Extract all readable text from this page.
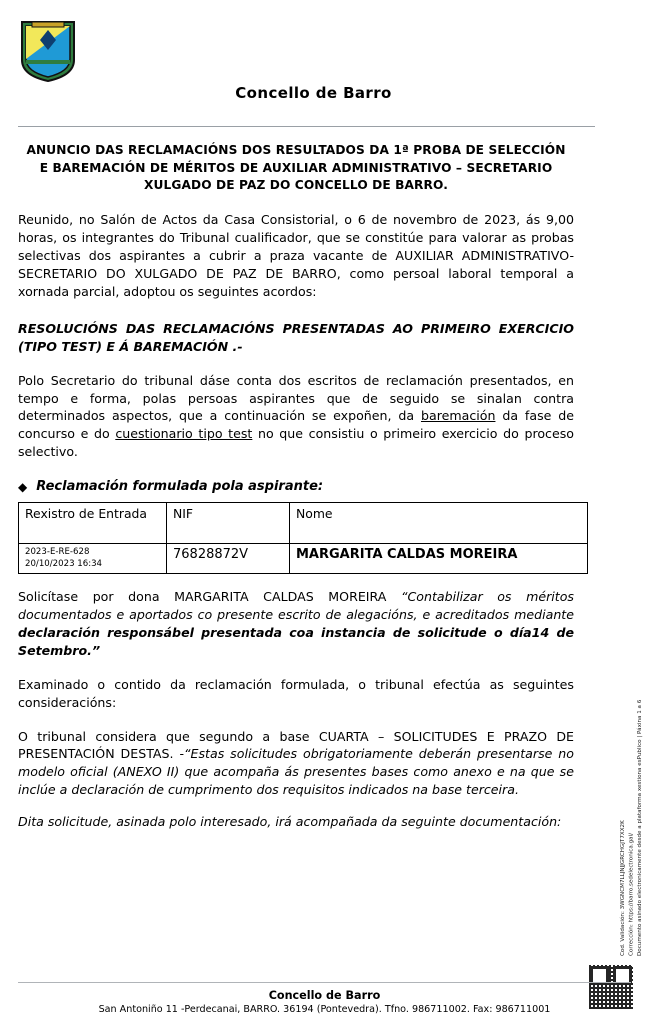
Concello de Barro
ANUNCIO DAS RECLAMACIÓNS DOS RESULTADOS DA 1ª PROBA DE SELECCIÓN E BAREMACIÓN DE MÉRITOS DE AUXILIAR ADMINISTRATIVO – SECRETARIO XULGADO DE PAZ DO CONCELLO DE BARRO.

Reunido, no Salón de Actos da Casa Consistorial, o 6 de novembro de 2023, ás 9,00 horas, os integrantes do Tribunal cualificador, que se constitúe para valorar as probas selectivas dos aspirantes a cubrir a praza vacante de AUXILIAR ADMINISTRATIVO-SECRETARIO DO XULGADO DE PAZ DE BARRO, como persoal laboral temporal a xornada parcial, adoptou os seguintes acordos:

RESOLUCIÓNS DAS RECLAMACIÓNS PRESENTADAS AO PRIMEIRO EXERCICIO (TIPO TEST) E Á BAREMACIÓN .-

Polo Secretario do tribunal dáse conta dos escritos de reclamación presentados, en tempo e forma, polas persoas aspirantes que de seguido se sinalan contra determinados aspectos, que a continuación se expoñen, da baremación da fase de concurso e do cuestionario tipo test no que consistiu o primeiro exercicio do proceso selectivo.

◆ Reclamación formulada pola aspirante:
Rexistro de Entrada	NIF	Nome

2023-E-RE-628
20/10/2023 16:34	76828872V	MARGARITA CALDAS MOREIRA

Solicítase por dona MARGARITA CALDAS MOREIRA “Contabilizar os méritos documentados e aportados co presente escrito de alegacións, e acreditados mediante declaración responsábel presentada coa instancia de solicitude o día14 de Setembro.”

Examinado o contido da reclamación formulada, o tribunal efectúa as seguintes consideracións:

O tribunal considera que segundo a base CUARTA – SOLICITUDES E PRAZO DE PRESENTACIÓN DESTAS. -“Estas solicitudes obrigatoriamente deberán presentarse no modelo oficial (ANEXO II) que acompaña ás presentes bases como anexo e na que se inclúe a declaración de cumprimento dos requisitos indicados na base terceira.

Dita solicitude, asinada polo interesado, irá acompañada da seguinte documentación:	Cod. Validación: 3WGNCM7LLJNJJGRCHGJT7XX2K Corrección: https://barro.sedelectronica.gal/ Documento asinado electronicamente desde a plataforma xestiona esPublico | Páxina 1 a 6
Concello de Barro
San Antoniño 11 -Perdecanai, BARRO. 36194 (Pontevedra). Tfno. 986711002. Fax: 986711001
